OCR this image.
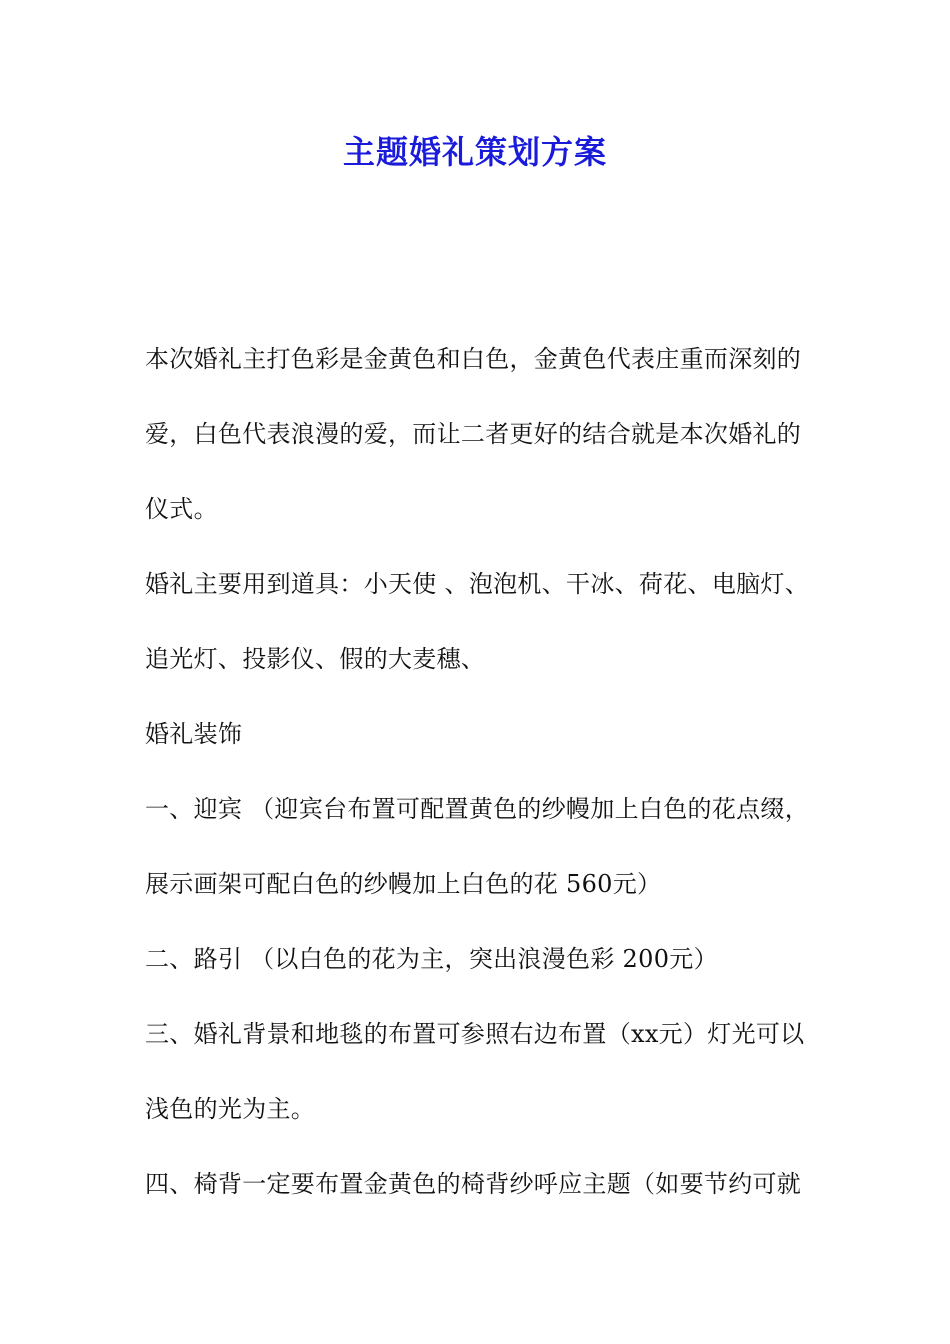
主题婚礼策划方案
本次婚礼主打色彩是金黄色和白色，金黄色代表庄重而深刻的
爱，白色代表浪漫的爱，而让二者更好的结合就是本次婚礼的
仪式。
婚礼主要用到道具：小天使 、泡泡机、干冰、荷花、电脑灯、
追光灯、投影仪、假的大麦穗、
婚礼装饰
一、迎宾 （迎宾台布置可配置黄色的纱幔加上白色的花点缀，
展示画架可配白色的纱幔加上白色的花 560元）
二、路引 （以白色的花为主，突出浪漫色彩 200元）
三、婚礼背景和地毯的布置可参照右边布置（xx元）灯光可以
浅色的光为主。
四、椅背一定要布置金黄色的椅背纱呼应主题（如要节约可就
